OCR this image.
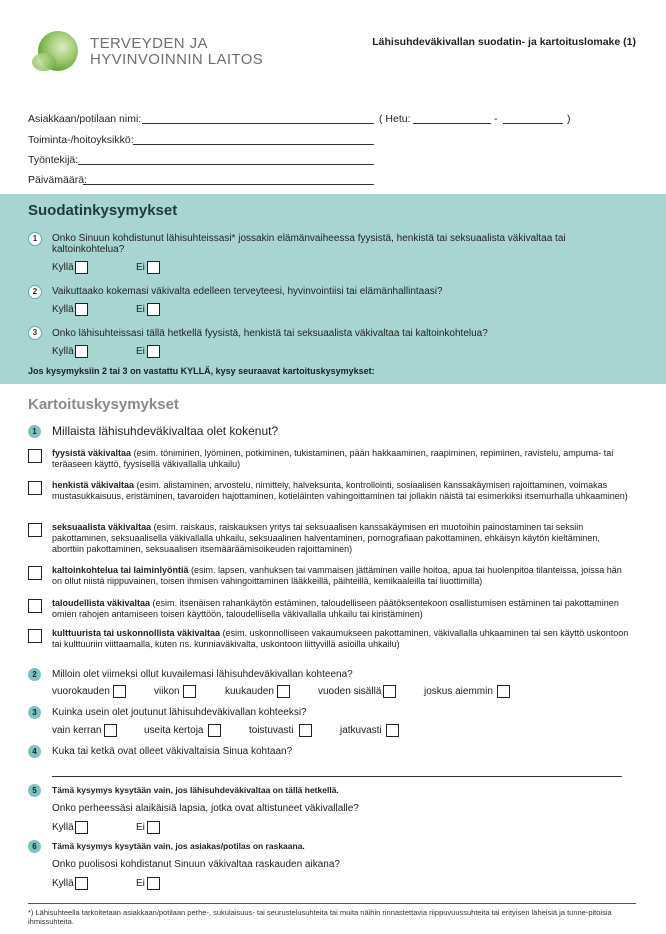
TERVEYDEN JA
HYVINVOINNIN LAITOS
Lähisuhdeväkivallan suodatin- ja kartoituslomake (1)
Asiakkaan/potilaan nimi:	( Hetu:	-	)
Toiminta-/hoitoyksikkö:
Työntekijä:
Päivämäärä:
Suodatinkysymykset
1	Onko Sinuun kohdistunut lähisuhteissasi* jossakin elämänvaiheessa fyysistä, henkistä tai seksuaalista väkivaltaa tai kaltoinkohtelua?
Kyllä	Ei
2	Vaikuttaako kokemasi väkivalta edelleen terveyteesi, hyvinvointiisi tai elämänhallintaasi?
Kyllä	Ei
3	Onko lähisuhteissasi tällä hetkellä fyysistä, henkistä tai seksuaalista väkivaltaa tai kaltoinkohtelua?
Kyllä	Ei
Jos kysymyksiin 2 tai 3 on vastattu KYLLÄ, kysy seuraavat kartoituskysymykset:
Kartoituskysymykset
1	Millaista lähisuhdeväkivaltaa olet kokenut?
fyysistä väkivaltaa (esim. töniminen, lyöminen, potkiminen, tukistaminen, pään hakkaaminen, raapiminen, repiminen, ravistelu, ampuma- tai teräaseen käyttö, fyysisellä väkivallalla uhkailu)
henkistä väkivaltaa (esim. alistaminen, arvostelu, nimittely, halveksunta, kontrollointi, sosiaalisen kanssakäymisen rajoittaminen, voimakas mustasukkaisuus, eristäminen, tavaroiden hajottaminen, kotieläinten vahingoittaminen tai jollakin näistä tai esimerkiksi itsemurhalla uhkaaminen)
seksuaalista väkivaltaa (esim. raiskaus, raiskauksen yritys tai seksuaalisen kanssakäymisen eri muotoihin painostaminen tai seksiin pakottaminen, seksuaalisella väkivallalla uhkailu, seksuaalinen halventaminen, pornografiaan pakottaminen, ehkäisyn käytön kieltäminen, aborttiin pakottaminen, seksuaalisen itsemääräämisoikeuden rajoittaminen)
kaltoinkohtelua tai laiminlyöntiä (esim. lapsen, vanhuksen tai vammaisen jättäminen vaille hoitoa, apua tai huolenpitoa tilanteissa, joissa hän on ollut niistä riippuvainen, toisen ihmisen vahingoittaminen lääkkeillä, päihteillä, kemikaaleilla tai liuottimilla)
taloudellista väkivaltaa (esim. itsenäisen rahankäytön estäminen, taloudelliseen päätöksentekoon osallistumisen estäminen tai pakottaminen omien rahojen antamiseen toisen käyttöön, taloudellisella väkivallalla uhkailu tai kiristäminen)
kulttuurista tai uskonnollista väkivaltaa (esim. uskonnolliseen vakaumukseen pakottaminen, väkivallalla uhkaaminen tai sen käyttö uskontoon tai kulttuuriin viittaamalla, kuten ns. kunniaväkivalta, uskontoon liittyvillä asioilla uhkailu)
2	Milloin olet viimeksi ollut kuvailemasi lähisuhdeväkivallan kohteena?
vuorokauden	viikon	kuukauden	vuoden sisällä	joskus aiemmin
3	Kuinka usein olet joutunut lähisuhdeväkivallan kohteeksi?
vain kerran	useita kertoja	toistuvasti	jatkuvasti
4	Kuka tai ketkä ovat olleet väkivaltaisia Sinua kohtaan?
5	Tämä kysymys kysytään vain, jos lähisuhdeväkivaltaa on tällä hetkellä.
Onko perheessäsi alaikäisiä lapsia, jotka ovat altistuneet väkivallalle?
Kyllä	Ei
6	Tämä kysymys kysytään vain, jos asiakas/potilas on raskaana.
Onko puolisosi kohdistanut Sinuun väkivaltaa raskauden aikana?
Kyllä	Ei
*) Lähisuhteella tarkoitetaan asiakkaan/potilaan perhe-, sukulaisuus- tai seurustelusuhteita tai muita näihin rinnastettavia riippuvuussuhteita tai erityisen läheisiä ja tunne-pitoisia ihmissuhteita.
